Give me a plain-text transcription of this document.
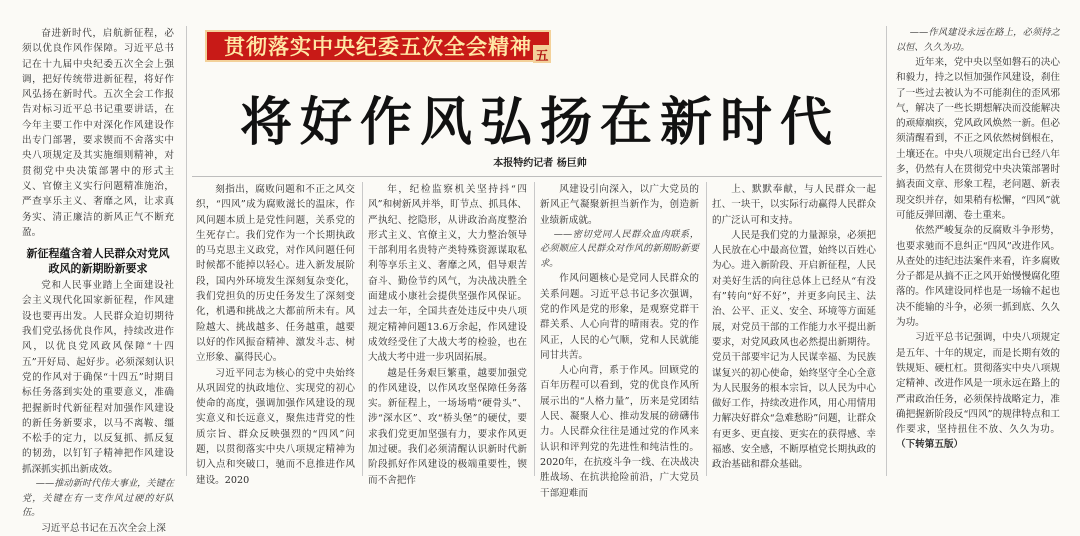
奋进新时代，启航新征程，必须以优良作风作保障。习近平总书记在十九届中央纪委五次全会上强调，把好传统带进新征程，将好作风弘扬在新时代。五次全会工作报告对标习近平总书记重要讲话，在今年主要工作中对深化作风建设作出专门部署，要求锲而不舍落实中央八项规定及其实施细则精神，对贯彻党中央决策部署中的形式主义、官僚主义实行问题精准施治，严查享乐主义、奢靡之风，让求真务实、清正廉洁的新风正气不断充盈。

新征程蕴含着人民群众对党风政风的新期盼新要求

党和人民事业踏上全面建设社会主义现代化国家新征程，作风建设也要再出发。人民群众迫切期待我们党弘扬优良作风，持续改进作风，以优良党风政风保障“十四五”开好局、起好步。必须深刻认识党的作风对于确保“十四五”时期目标任务落到实处的重要意义，准确把握新时代新征程对加强作风建设的新任务新要求，以马不离鞍、缰不松手的定力，以反复抓、抓反复的韧劲，以钉钉子精神把作风建设抓深抓实抓出新成效。

——推动新时代伟大事业，关键在党，关键在有一支作风过硬的好队伍。

习近平总书记在五次全会上深

贯彻落实中央纪委五次全会精神 五
将好作风弘扬在新时代
本报特约记者 杨巨帅

刻指出，腐败问题和不正之风交织，“四风”成为腐败滋长的温床，作风问题本质上是党性问题，关系党的生死存亡。我们党作为一个长期执政的马克思主义政党，对作风问题任何时候都不能掉以轻心。进入新发展阶段，国内外环境发生深刻复杂变化，我们党担负的历史任务发生了深刻变化，机遇和挑战之大都前所未有。风险越大、挑战越多、任务越重，越要以好的作风振奋精神、激发斗志、树立形象、赢得民心。

习近平同志为核心的党中央始终从巩固党的执政地位、实现党的初心使命的高度，强调加强作风建设的现实意义和长远意义，聚焦违背党的性质宗旨、群众反映强烈的“四风”问题，以贯彻落实中央八项规定精神为切入点和突破口，驰而不息推进作风建设。2020

年，纪检监察机关坚持抖“四风”和树新风并举，盯节点、抓具体、严执纪、挖隐形，从讲政治高度整治形式主义、官僚主义，大力整治领导干部利用名贵特产类特殊资源谋取私利等享乐主义、奢靡之风，倡导艰苦奋斗、勤俭节约风气，为决战决胜全面建成小康社会提供坚强作风保证。过去一年，全国共查处违反中央八项规定精神问题13.6万余起，作风建设成效经受住了大战大考的检验，也在大战大考中进一步巩固拓展。

越是任务艰巨繁重，越要加强党的作风建设，以作风攻坚保障任务落实。新征程上，一场场啃“硬骨头”、涉“深水区”、攻“桥头堡”的硬仗，要求我们党更加坚强有力，要求作风更加过硬。我们必须清醒认识新时代新阶段抓好作风建设的极端重要性，锲而不舍把作

风建设引向深入，以广大党员的新风正气凝聚新担当新作为，创造新业绩新成就。

——密切党同人民群众血肉联系，必须顺应人民群众对作风的新期盼新要求。

作风问题核心是党同人民群众的关系问题。习近平总书记多次强调，党的作风是党的形象，是观察党群干群关系、人心向背的晴雨表。党的作风正，人民的心气顺，党和人民就能同甘共苦。

人心向背，系于作风。回顾党的百年历程可以看到，党的优良作风所展示出的“人格力量”，历来是党团结人民、凝聚人心、推动发展的磅礴伟力。人民群众往往是通过党的作风来认识和评判党的先进性和纯洁性的。2020年，在抗疫斗争一线、在决战决胜战场、在抗洪抢险前沿，广大党员干部迎难而

上、默默奉献，与人民群众一起扛、一块干，以实际行动赢得人民群众的广泛认可和支持。

人民是我们党的力量源泉，必须把人民放在心中最高位置，始终以百姓心为心。进入新阶段、开启新征程，人民对美好生活的向往总体上已经从“有没有”转向“好不好”，并更多向民主、法治、公平、正义、安全、环境等方面延展，对党员干部的工作能力水平提出新要求，对党风政风也必然提出新期待。党员干部要牢记为人民谋幸福、为民族谋复兴的初心使命，始终坚守全心全意为人民服务的根本宗旨，以人民为中心做好工作，持续改进作风，用心用情用力解决好群众“急难愁盼”问题，让群众有更多、更直接、更实在的获得感、幸福感、安全感，不断厚植党长期执政的政治基础和群众基础。

——作风建设永远在路上，必须持之以恒、久久为功。

近年来，党中央以坚如磐石的决心和毅力，持之以恒加强作风建设，刹住了一些过去被认为不可能刹住的歪风邪气，解决了一些长期想解决而没能解决的顽瘴痼疾，党风政风焕然一新。但必须清醒看到，不正之风依然树倒根在，土壤还在。中央八项规定出台已经八年多，仍然有人在贯彻党中央决策部署时搞表面文章、形象工程，老问题、新表现交织并存，如果稍有松懈，“四风”就可能反弹回潮、卷土重来。

依然严峻复杂的反腐败斗争形势，也要求驰而不息纠正“四风”改进作风。从查处的违纪违法案件来看，许多腐败分子都是从搞不正之风开始慢慢腐化堕落的。作风建设同样也是一场输不起也决不能输的斗争，必须一抓到底、久久为功。

习近平总书记强调，中央八项规定是五年、十年的规定，而是长期有效的铁规矩、硬杠杠。贯彻落实中央八项规定精神、改进作风是一项永远在路上的严肃政治任务，必须保持战略定力，准确把握新阶段反“四风”的规律特点和工作要求，坚持扭住不放、久久为功。（下转第五版）
